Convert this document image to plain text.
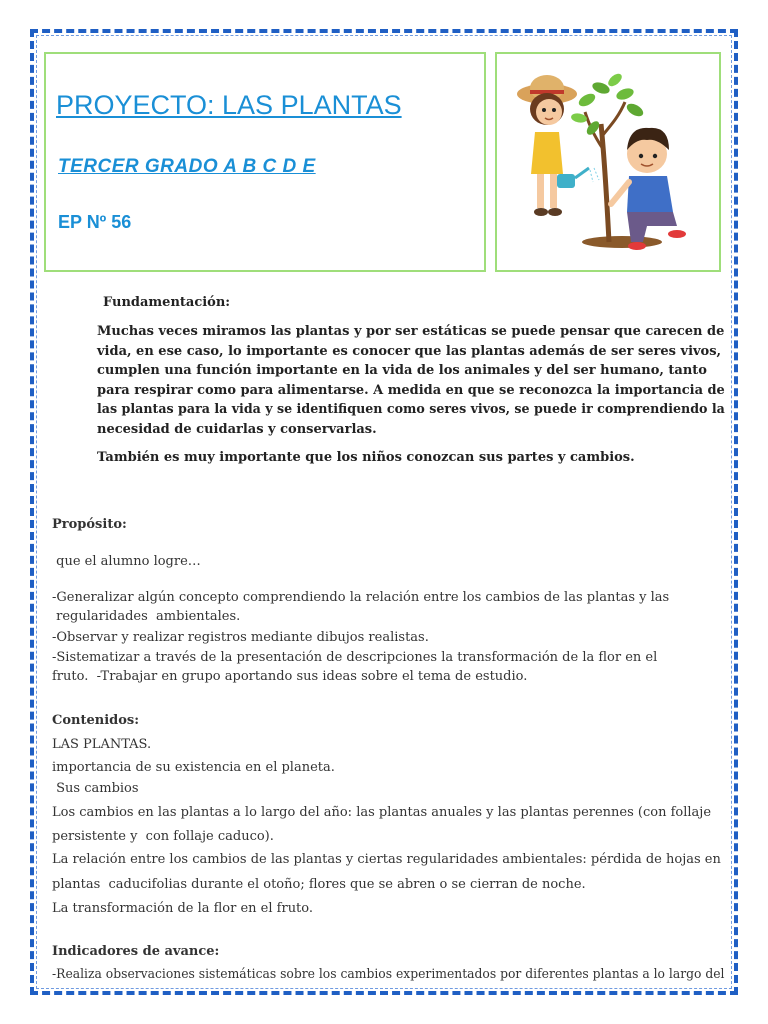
PROYECTO: LAS PLANTAS
TERCER GRADO A B C D E
EP Nº 56
Fundamentación:
Muchas veces miramos las plantas y por ser estáticas se puede pensar que carecen de
vida, en ese caso, lo importante es conocer que las plantas además de ser seres vivos,
cumplen una función importante en la vida de los animales y del ser humano, tanto
para respirar como para alimentarse. A medida en que se reconozca la importancia de
las plantas para la vida y se identifiquen como seres vivos, se puede ir comprendiendo la
necesidad de cuidarlas y conservarlas.
También es muy importante que los niños conozcan sus partes y cambios.
Propósito:
que el alumno logre…
-Generalizar algún concepto comprendiendo la relación entre los cambios de las plantas y las
regularidades  ambientales.
-Observar y realizar registros mediante dibujos realistas.
-Sistematizar a través de la presentación de descripciones la transformación de la flor en el
fruto.  -Trabajar en grupo aportando sus ideas sobre el tema de estudio.
Contenidos:
LAS PLANTAS.
importancia de su existencia en el planeta.
Sus cambios
Los cambios en las plantas a lo largo del año: las plantas anuales y las plantas perennes (con follaje
persistente y  con follaje caduco).
La relación entre los cambios de las plantas y ciertas regularidades ambientales: pérdida de hojas en
plantas  caducifolias durante el otoño; flores que se abren o se cierran de noche.
La transformación de la flor en el fruto.
Indicadores de avance:
-Realiza observaciones sistemáticas sobre los cambios experimentados por diferentes plantas a lo largo del
